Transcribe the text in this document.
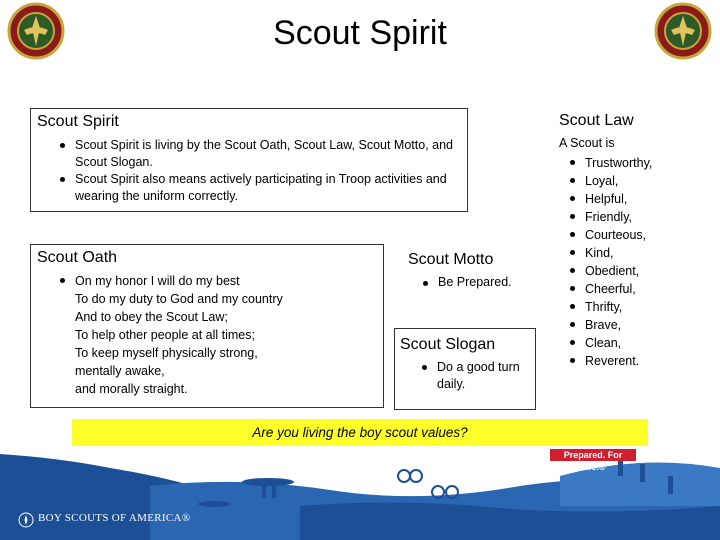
Scout Spirit
Scout Spirit
Scout Spirit is living by the Scout Oath, Scout Law, Scout Motto, and Scout Slogan.
Scout Spirit also means actively participating in Troop activities and wearing the uniform correctly.
Scout Law
A Scout is
Trustworthy,
Loyal,
Helpful,
Friendly,
Courteous,
Kind,
Obedient,
Cheerful,
Thrifty,
Brave,
Clean,
Reverent.
Scout Oath
On my honor I will do my best
To do my duty to God and my country
And to obey the Scout Law;
To help other people at all times;
To keep myself physically strong,
mentally awake,
and morally straight.
Scout Motto
Be Prepared.
Scout Slogan
Do a good turn daily.
Are you living the boy scout values?
Prepared. For Life.®
BOY SCOUTS OF AMERICA®
